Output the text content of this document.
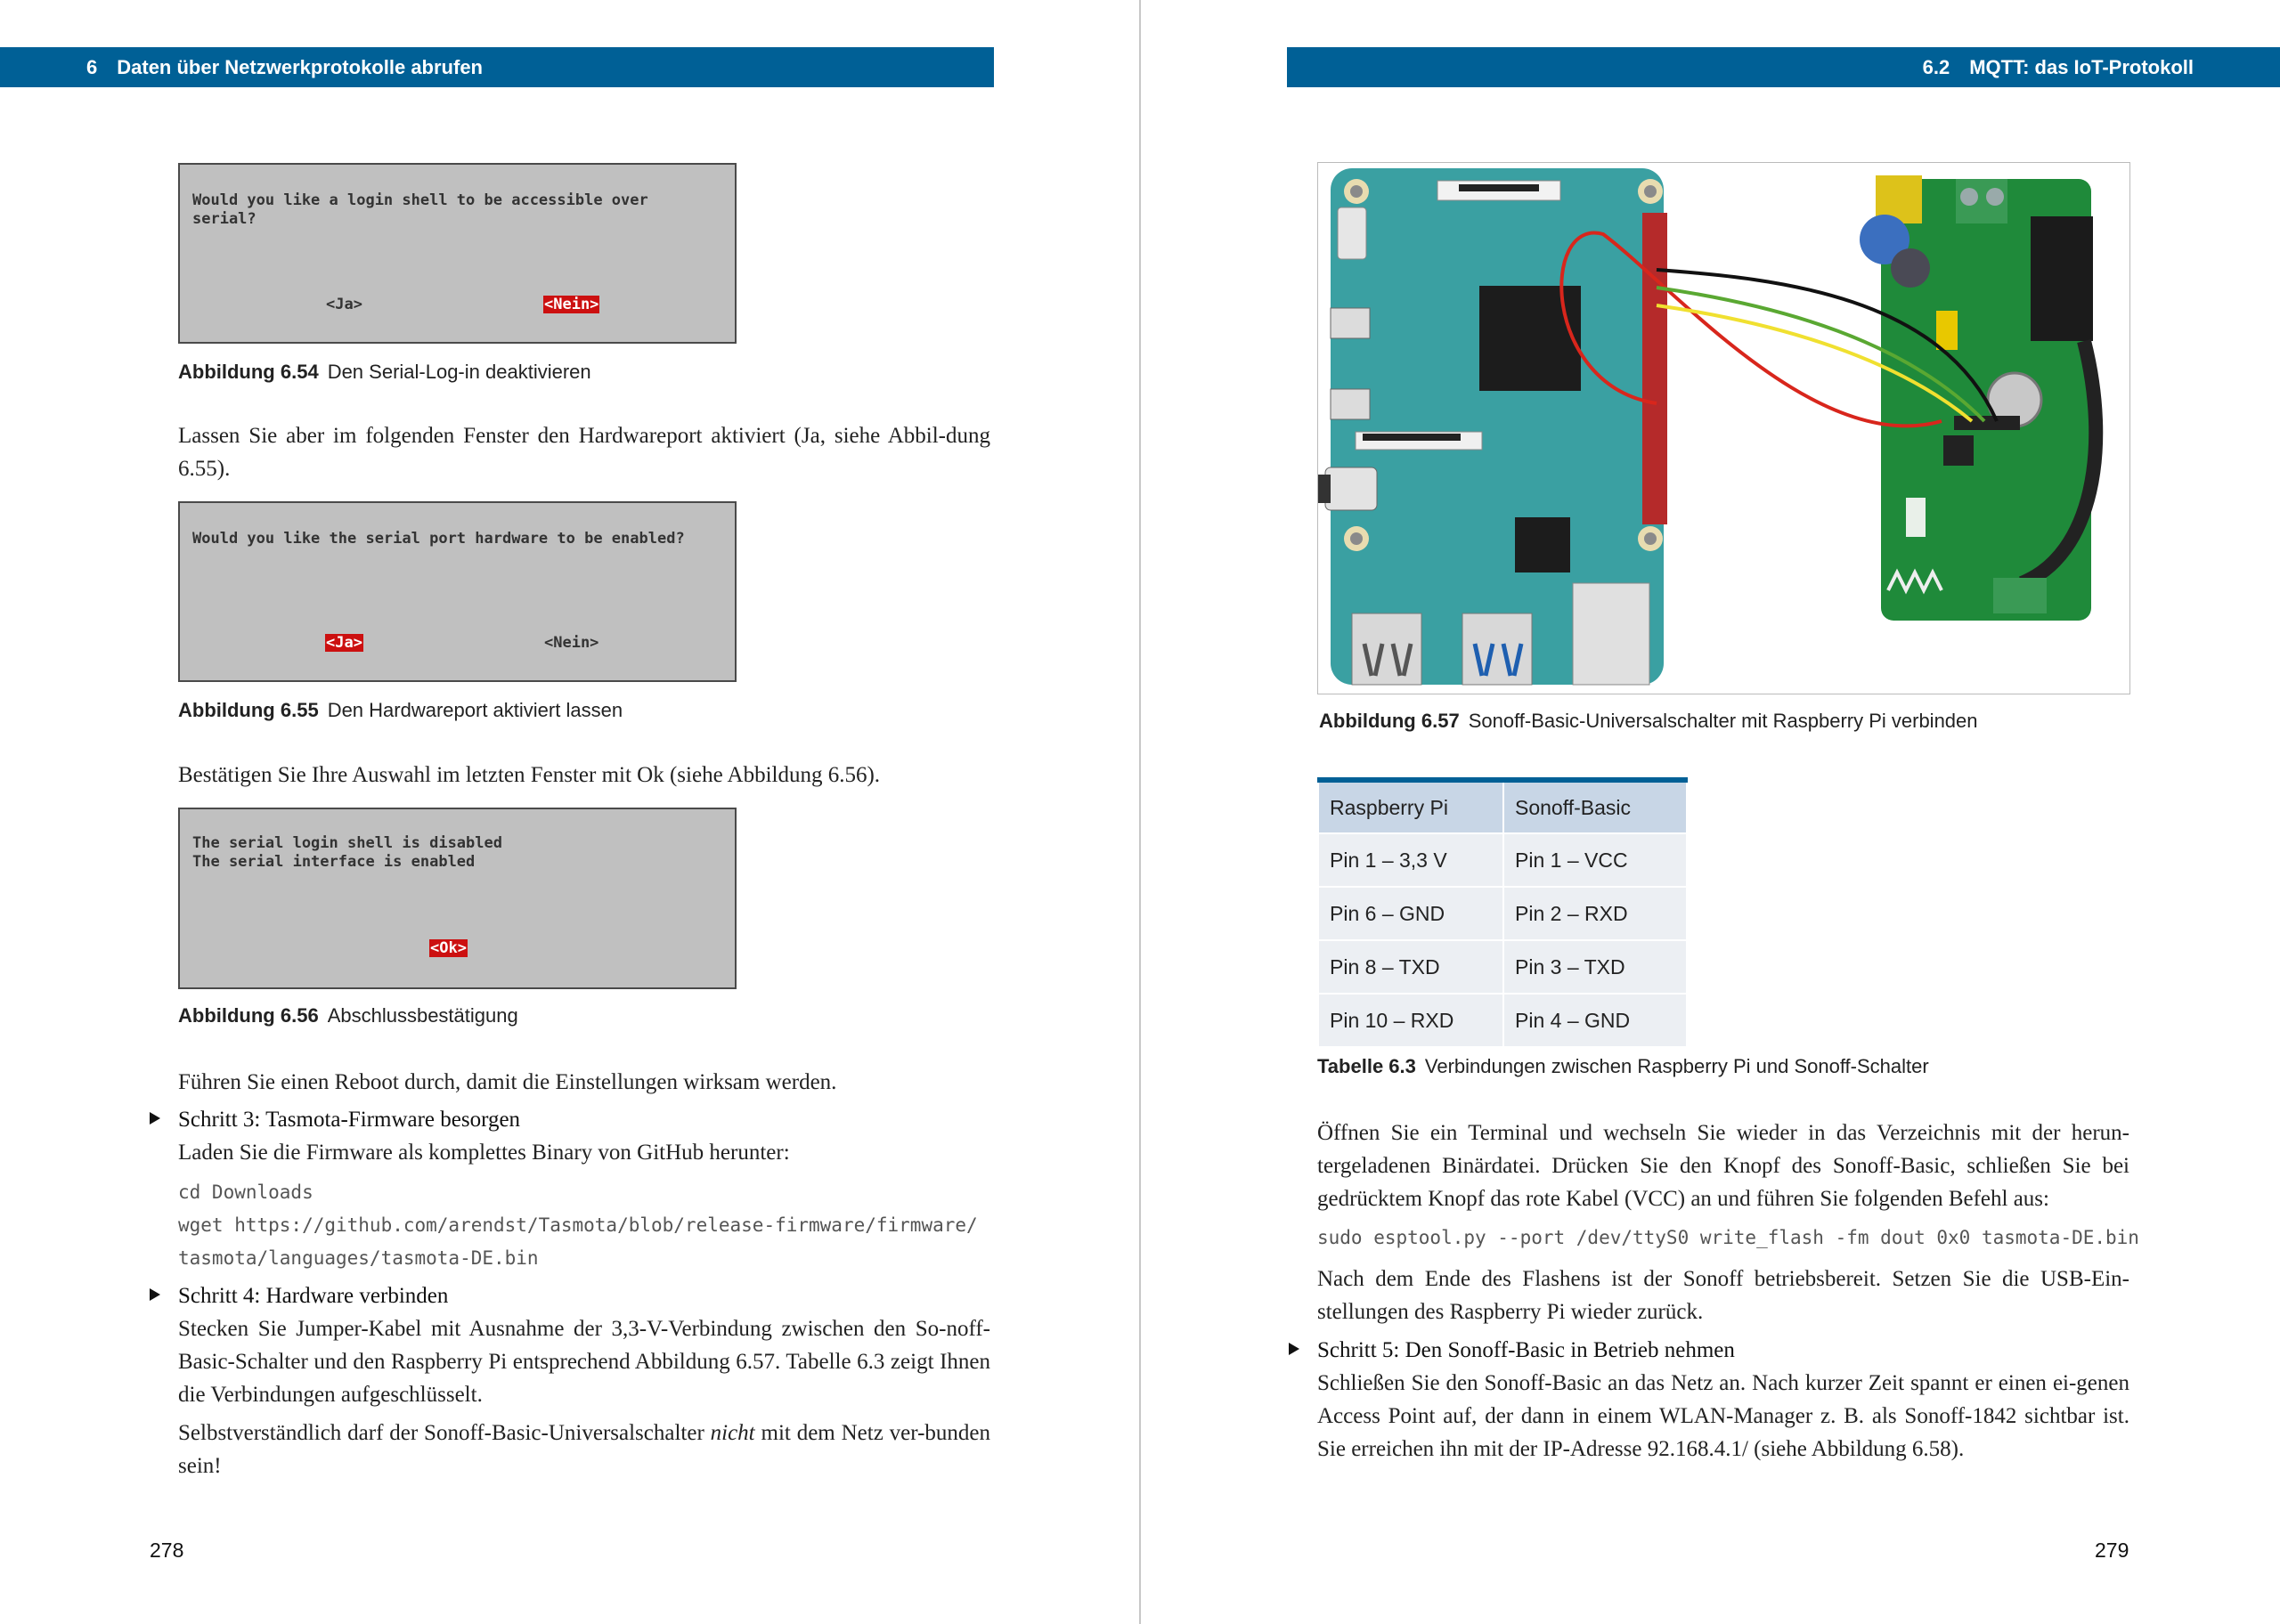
6 Daten über Netzwerkprotokolle abrufen
Would you like a login shell to be accessible over
serial?
<Ja>	<Nein>
Abbildung 6.54 Den Serial-Log-in deaktivieren
Lassen Sie aber im folgenden Fenster den Hardwareport aktiviert (Ja, siehe Abbil-dung 6.55).
Would you like the serial port hardware to be enabled?
<Ja>	<Nein>
Abbildung 6.55 Den Hardwareport aktiviert lassen
Bestätigen Sie Ihre Auswahl im letzten Fenster mit Ok (siehe Abbildung 6.56).
The serial login shell is disabled
The serial interface is enabled
<Ok>
Abbildung 6.56 Abschlussbestätigung
Führen Sie einen Reboot durch, damit die Einstellungen wirksam werden.
Schritt 3: Tasmota-Firmware besorgen
Laden Sie die Firmware als komplettes Binary von GitHub herunter:
cd Downloads
wget https://github.com/arendst/Tasmota/blob/release-firmware/firmware/
tasmota/languages/tasmota-DE.bin
Schritt 4: Hardware verbinden
Stecken Sie Jumper-Kabel mit Ausnahme der 3,3-V-Verbindung zwischen den So-noff-Basic-Schalter und den Raspberry Pi entsprechend Abbildung 6.57. Tabelle 6.3 zeigt Ihnen die Verbindungen aufgeschlüsselt.
Selbstverständlich darf der Sonoff-Basic-Universalschalter nicht mit dem Netz ver-bunden sein!
278
6.2 MQTT: das IoT-Protokoll
Abbildung 6.57 Sonoff-Basic-Universalschalter mit Raspberry Pi verbinden
Raspberry Pi	Sonoff-Basic
Pin 1 – 3,3 V	Pin 1 – VCC
Pin 6 – GND	Pin 2 – RXD
Pin 8 – TXD	Pin 3 – TXD
Pin 10 – RXD	Pin 4 – GND
Tabelle 6.3 Verbindungen zwischen Raspberry Pi und Sonoff-Schalter
Öffnen Sie ein Terminal und wechseln Sie wieder in das Verzeichnis mit der herun-tergeladenen Binärdatei. Drücken Sie den Knopf des Sonoff-Basic, schließen Sie bei gedrücktem Knopf das rote Kabel (VCC) an und führen Sie folgenden Befehl aus:
sudo esptool.py --port /dev/ttyS0 write_flash -fm dout 0x0 tasmota-DE.bin
Nach dem Ende des Flashens ist der Sonoff betriebsbereit. Setzen Sie die USB-Ein-stellungen des Raspberry Pi wieder zurück.
Schritt 5: Den Sonoff-Basic in Betrieb nehmen
Schließen Sie den Sonoff-Basic an das Netz an. Nach kurzer Zeit spannt er einen ei-genen Access Point auf, der dann in einem WLAN-Manager z. B. als Sonoff-1842 sichtbar ist. Sie erreichen ihn mit der IP-Adresse 92.168.4.1/ (siehe Abbildung 6.58).
279
